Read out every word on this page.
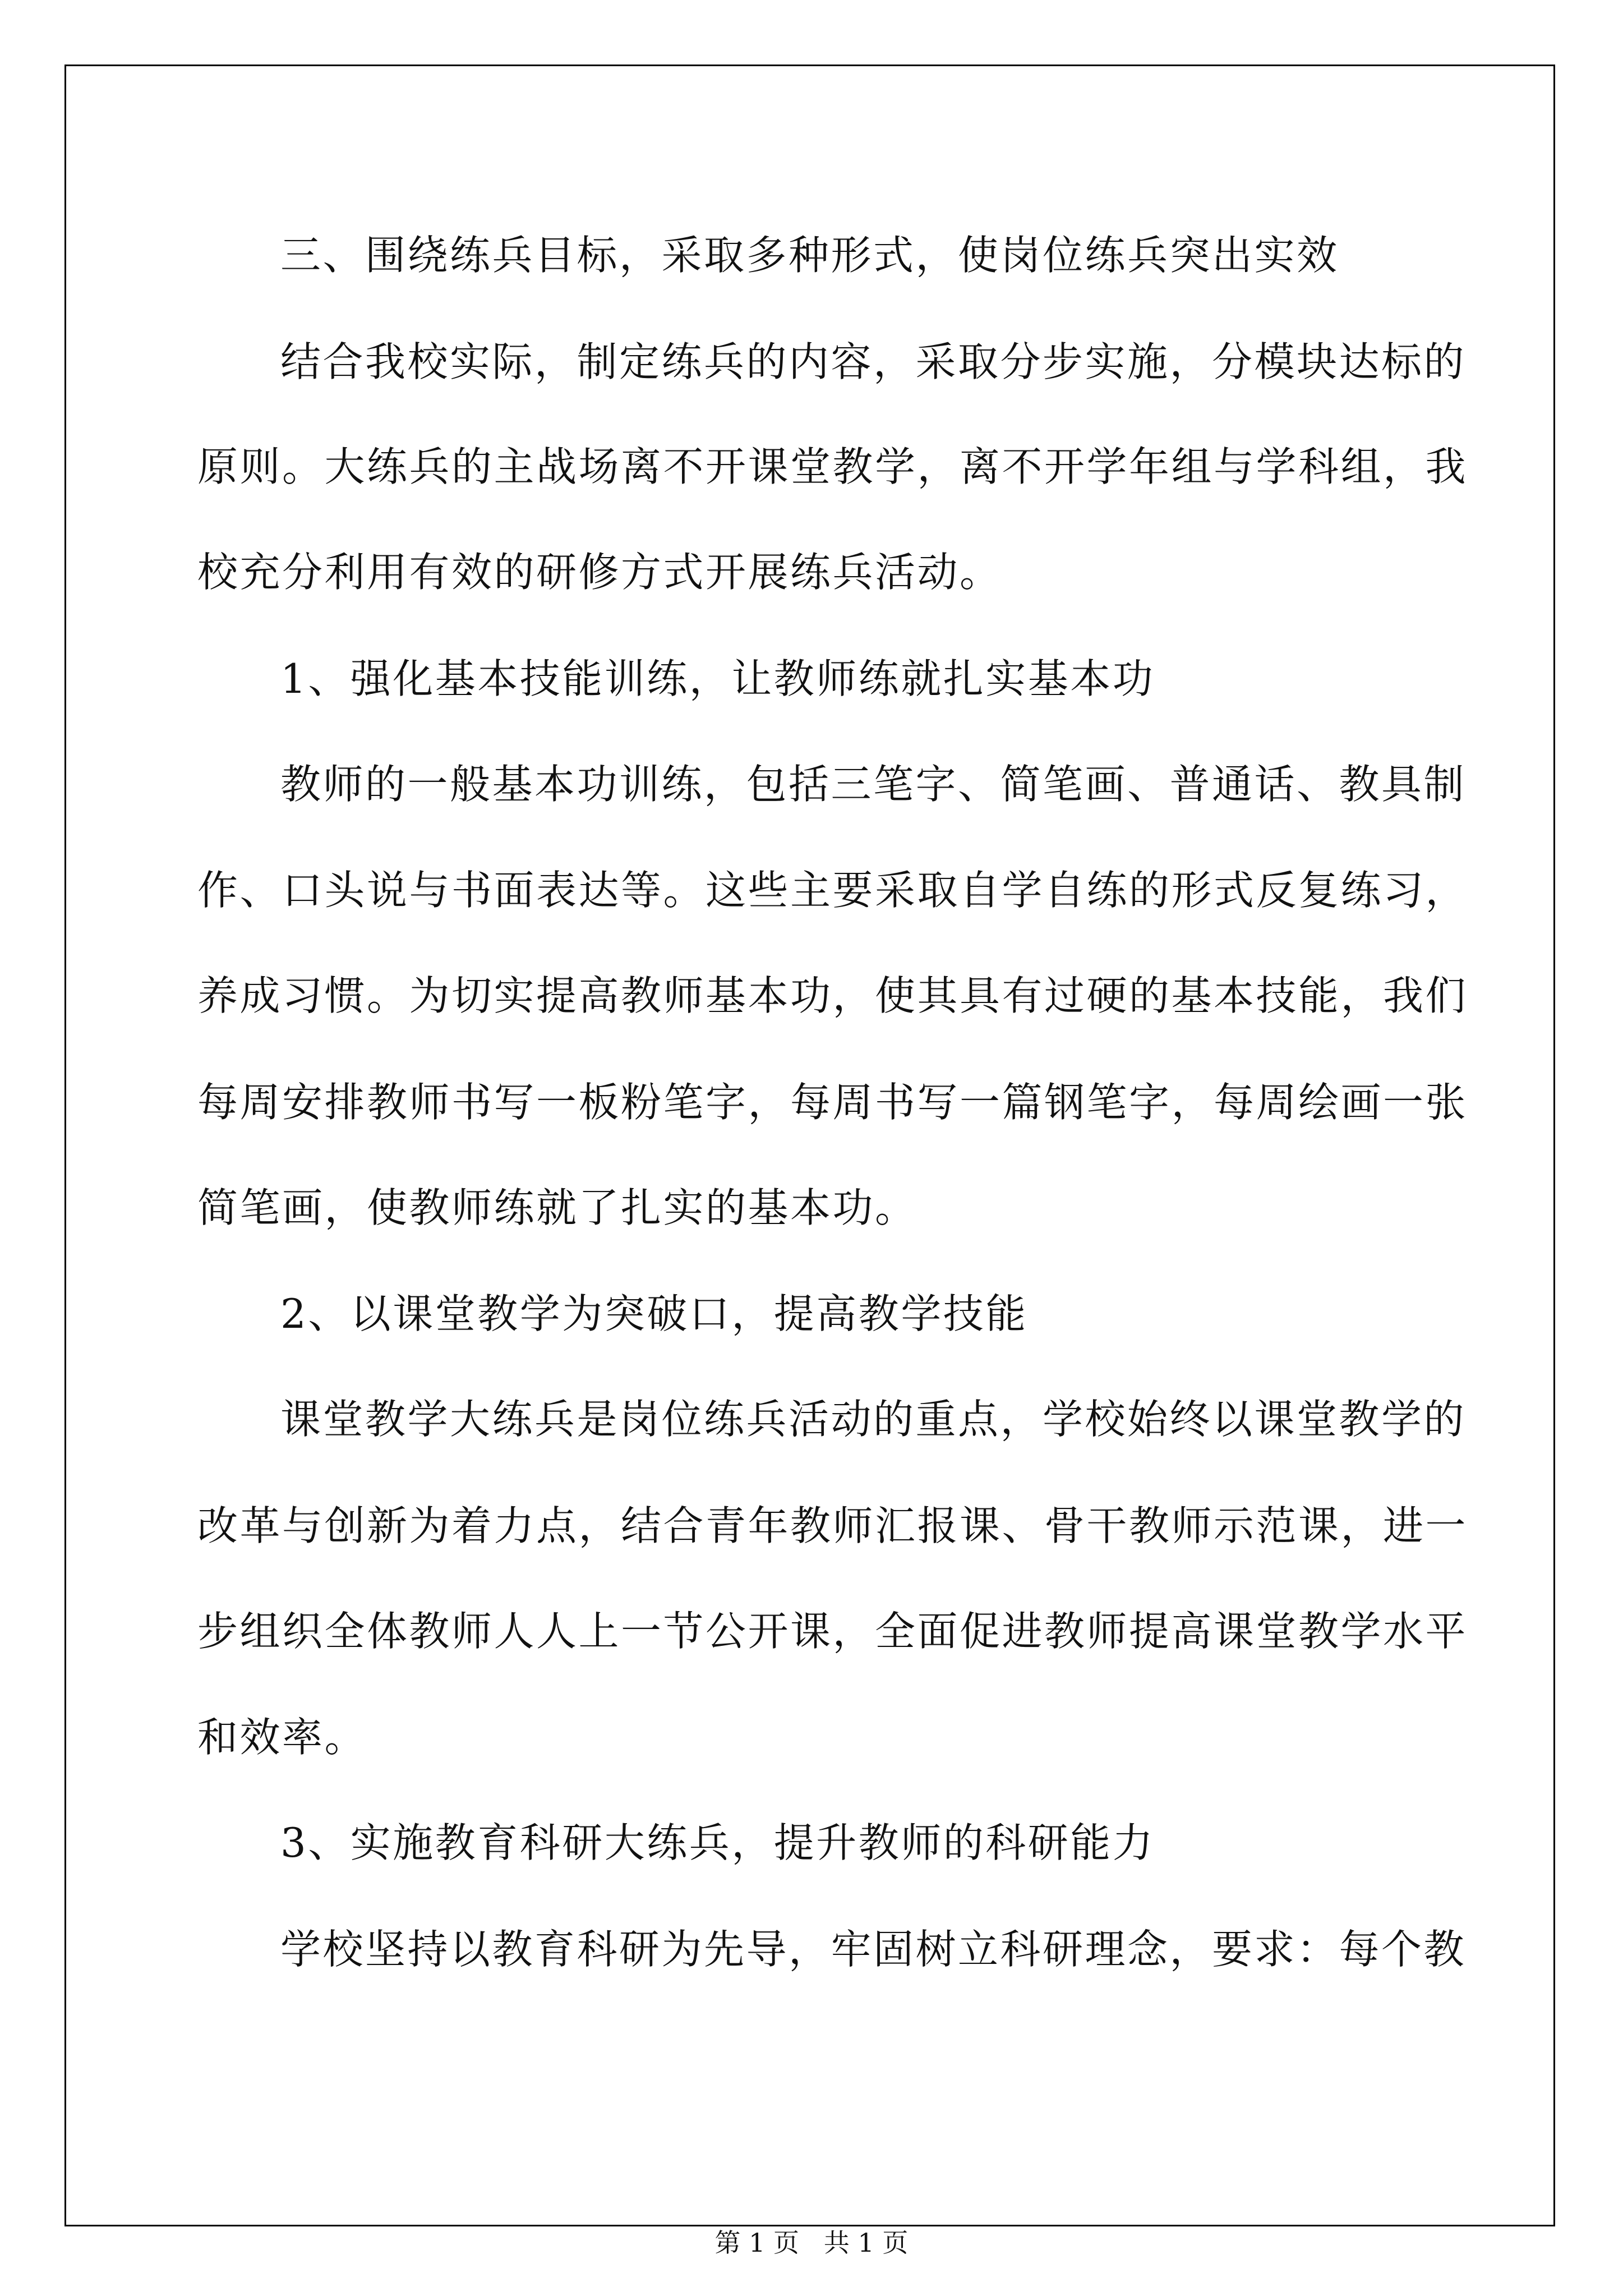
三、围绕练兵目标，采取多种形式，使岗位练兵突出实效

结合我校实际，制定练兵的内容，采取分步实施，分模块达标的

原则。大练兵的主战场离不开课堂教学，离不开学年组与学科组，我

校充分利用有效的研修方式开展练兵活动。

1、强化基本技能训练，让教师练就扎实基本功

教师的一般基本功训练，包括三笔字、简笔画、普通话、教具制

作、口头说与书面表达等。这些主要采取自学自练的形式反复练习，

养成习惯。为切实提高教师基本功，使其具有过硬的基本技能，我们

每周安排教师书写一板粉笔字，每周书写一篇钢笔字，每周绘画一张

简笔画，使教师练就了扎实的基本功。

2、以课堂教学为突破口，提高教学技能

课堂教学大练兵是岗位练兵活动的重点，学校始终以课堂教学的

改革与创新为着力点，结合青年教师汇报课、骨干教师示范课，进一

步组织全体教师人人上一节公开课，全面促进教师提高课堂教学水平

和效率。

3、实施教育科研大练兵，提升教师的科研能力

学校坚持以教育科研为先导，牢固树立科研理念，要求：每个教

第 1 页   共 1 页
